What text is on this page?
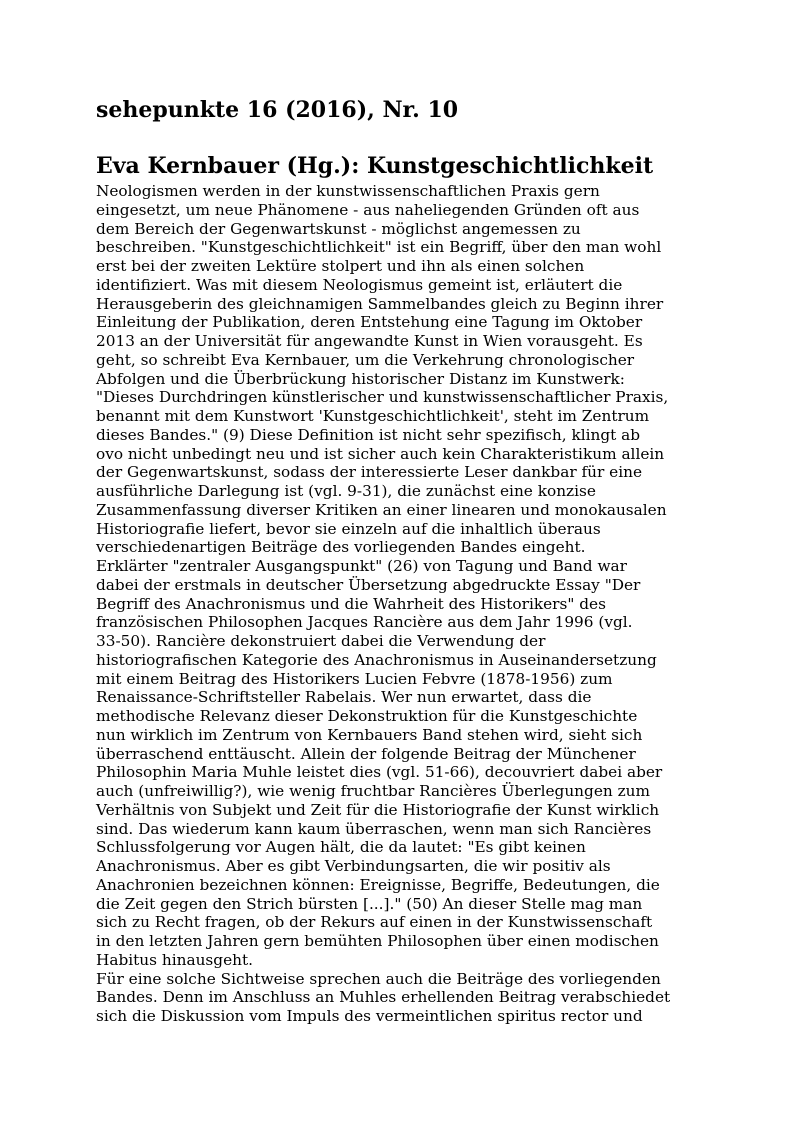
sehepunkte 16 (2016), Nr. 10
Eva Kernbauer (Hg.): Kunstgeschichtlichkeit
Neologismen werden in der kunstwissenschaftlichen Praxis gern
eingesetzt, um neue Phänomene - aus naheliegenden Gründen oft aus
dem Bereich der Gegenwartskunst - möglichst angemessen zu
beschreiben. "Kunstgeschichtlichkeit" ist ein Begriff, über den man wohl
erst bei der zweiten Lektüre stolpert und ihn als einen solchen
identifiziert. Was mit diesem Neologismus gemeint ist, erläutert die
Herausgeberin des gleichnamigen Sammelbandes gleich zu Beginn ihrer
Einleitung der Publikation, deren Entstehung eine Tagung im Oktober
2013 an der Universität für angewandte Kunst in Wien vorausgeht. Es
geht, so schreibt Eva Kernbauer, um die Verkehrung chronologischer
Abfolgen und die Überbrückung historischer Distanz im Kunstwerk:
"Dieses Durchdringen künstlerischer und kunstwissenschaftlicher Praxis,
benannt mit dem Kunstwort 'Kunstgeschichtlichkeit', steht im Zentrum
dieses Bandes." (9) Diese Definition ist nicht sehr spezifisch, klingt ab
ovo nicht unbedingt neu und ist sicher auch kein Charakteristikum allein
der Gegenwartskunst, sodass der interessierte Leser dankbar für eine
ausführliche Darlegung ist (vgl. 9-31), die zunächst eine konzise
Zusammenfassung diverser Kritiken an einer linearen und monokausalen
Historiografie liefert, bevor sie einzeln auf die inhaltlich überaus
verschiedenartigen Beiträge des vorliegenden Bandes eingeht.
Erklärter "zentraler Ausgangspunkt" (26) von Tagung und Band war
dabei der erstmals in deutscher Übersetzung abgedruckte Essay "Der
Begriff des Anachronismus und die Wahrheit des Historikers" des
französischen Philosophen Jacques Rancière aus dem Jahr 1996 (vgl.
33-50). Rancière dekonstruiert dabei die Verwendung der
historiografischen Kategorie des Anachronismus in Auseinandersetzung
mit einem Beitrag des Historikers Lucien Febvre (1878-1956) zum
Renaissance-Schriftsteller Rabelais. Wer nun erwartet, dass die
methodische Relevanz dieser Dekonstruktion für die Kunstgeschichte
nun wirklich im Zentrum von Kernbauers Band stehen wird, sieht sich
überraschend enttäuscht. Allein der folgende Beitrag der Münchener
Philosophin Maria Muhle leistet dies (vgl. 51-66), decouvriert dabei aber
auch (unfreiwillig?), wie wenig fruchtbar Rancières Überlegungen zum
Verhältnis von Subjekt und Zeit für die Historiografie der Kunst wirklich
sind. Das wiederum kann kaum überraschen, wenn man sich Rancières
Schlussfolgerung vor Augen hält, die da lautet: "Es gibt keinen
Anachronismus. Aber es gibt Verbindungsarten, die wir positiv als
Anachronien bezeichnen können: Ereignisse, Begriffe, Bedeutungen, die
die Zeit gegen den Strich bürsten [...]." (50) An dieser Stelle mag man
sich zu Recht fragen, ob der Rekurs auf einen in der Kunstwissenschaft
in den letzten Jahren gern bemühten Philosophen über einen modischen
Habitus hinausgeht.
Für eine solche Sichtweise sprechen auch die Beiträge des vorliegenden
Bandes. Denn im Anschluss an Muhles erhellenden Beitrag verabschiedet
sich die Diskussion vom Impuls des vermeintlichen spiritus rector und
